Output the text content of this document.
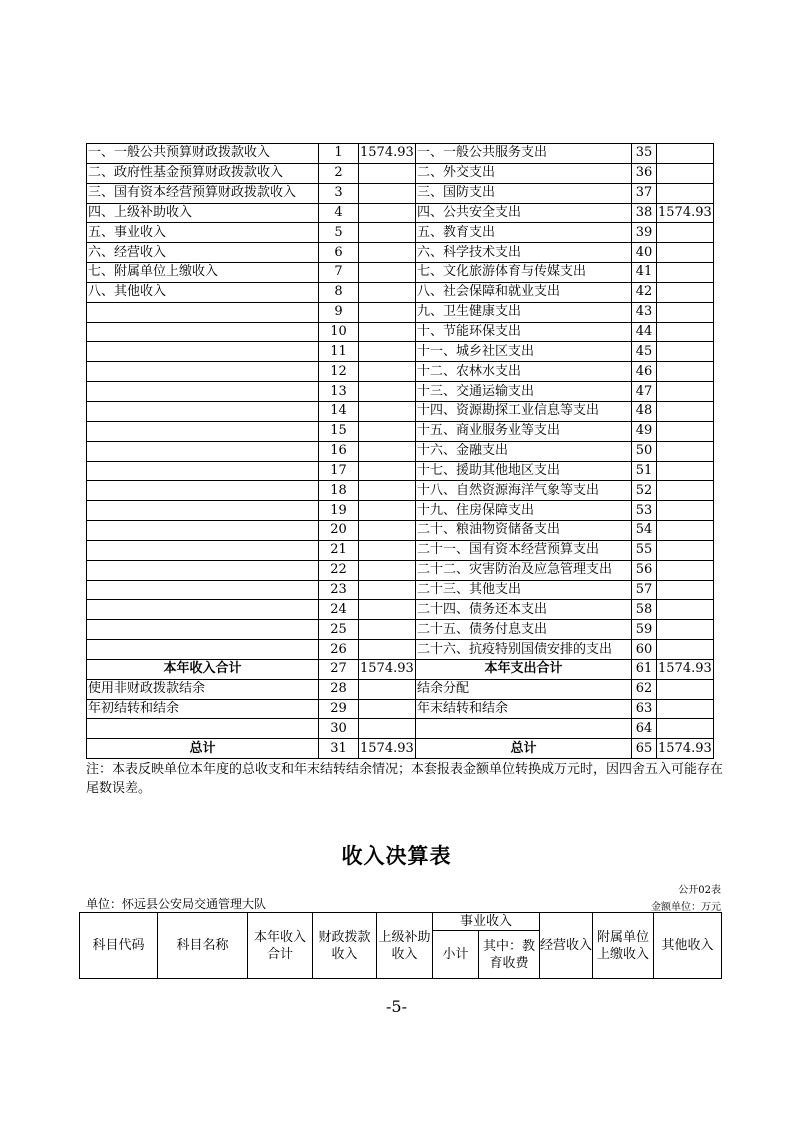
一、一般公共预算财政拨款收入	1	1574.93	一、一般公共服务支出	35	
二、政府性基金预算财政拨款收入	2		二、外交支出	36	
三、国有资本经营预算财政拨款收入	3		三、国防支出	37	
四、上级补助收入	4		四、公共安全支出	38	1574.93
五、事业收入	5		五、教育支出	39	
六、经营收入	6		六、科学技术支出	40	
七、附属单位上缴收入	7		七、文化旅游体育与传媒支出	41	
八、其他收入	8		八、社会保障和就业支出	42	
	9		九、卫生健康支出	43	
	10		十、节能环保支出	44	
	11		十一、城乡社区支出	45	
	12		十二、农林水支出	46	
	13		十三、交通运输支出	47	
	14		十四、资源勘探工业信息等支出	48	
	15		十五、商业服务业等支出	49	
	16		十六、金融支出	50	
	17		十七、援助其他地区支出	51	
	18		十八、自然资源海洋气象等支出	52	
	19		十九、住房保障支出	53	
	20		二十、粮油物资储备支出	54	
	21		二十一、国有资本经营预算支出	55	
	22		二十二、灾害防治及应急管理支出	56	
	23		二十三、其他支出	57	
	24		二十四、债务还本支出	58	
	25		二十五、债务付息支出	59	
	26		二十六、抗疫特别国债安排的支出	60	
本年收入合计	27	1574.93	本年支出合计	61	1574.93
使用非财政拨款结余	28		结余分配	62	
年初结转和结余	29		年末结转和结余	63	
	30			64	
总计	31	1574.93	总计	65	1574.93
注：本表反映单位本年度的总收支和年末结转结余情况；本套报表金额单位转换成万元时，因四舍五入可能存在尾数误差。
收入决算表
公开02表
单位：怀远县公安局交通管理大队	金额单位：万元
科目代码	科目名称	本年收入合计	财政拨款收入	上级补助收入	事业收入		经营收入	附属单位上缴收入	其他收入
					小计	其中：教育收费			
-5-
